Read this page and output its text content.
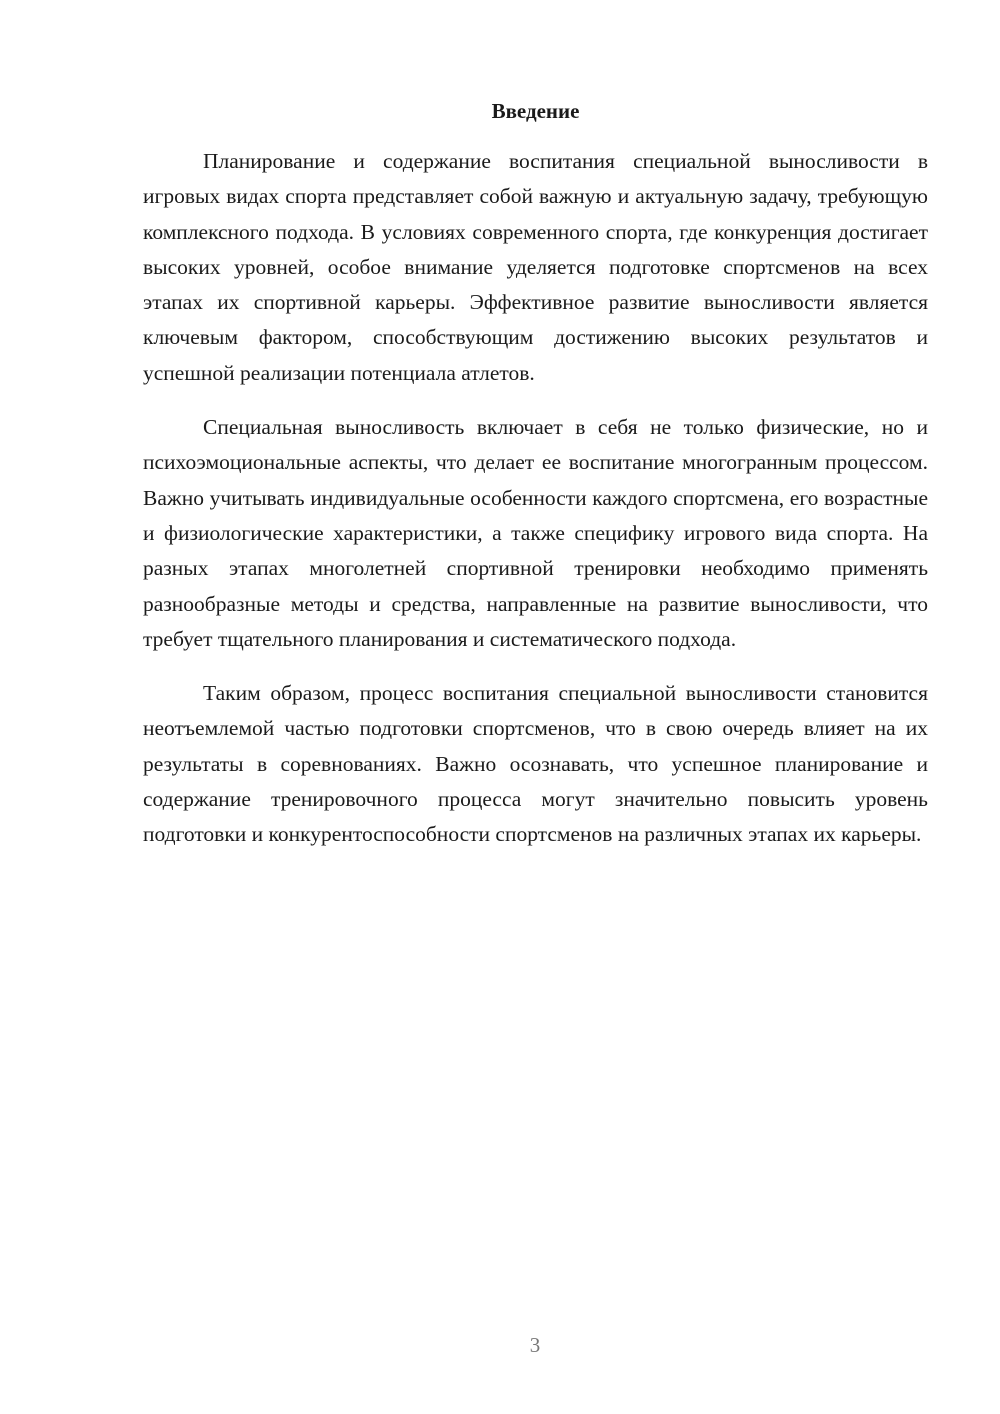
Введение

Планирование и содержание воспитания специальной выносливости в игровых видах спорта представляет собой важную и актуальную задачу, требующую комплексного подхода. В условиях современного спорта, где конкуренция достигает высоких уровней, особое внимание уделяется подготовке спортсменов на всех этапах их спортивной карьеры. Эффективное развитие выносливости является ключевым фактором, способствующим достижению высоких результатов и успешной реализации потенциала атлетов.

Специальная выносливость включает в себя не только физические, но и психоэмоциональные аспекты, что делает ее воспитание многогранным процессом. Важно учитывать индивидуальные особенности каждого спортсмена, его возрастные и физиологические характеристики, а также специфику игрового вида спорта. На разных этапах многолетней спортивной тренировки необходимо применять разнообразные методы и средства, направленные на развитие выносливости, что требует тщательного планирования и систематического подхода.

Таким образом, процесс воспитания специальной выносливости становится неотъемлемой частью подготовки спортсменов, что в свою очередь влияет на их результаты в соревнованиях. Важно осознавать, что успешное планирование и содержание тренировочного процесса могут значительно повысить уровень подготовки и конкурентоспособности спортсменов на различных этапах их карьеры.

3
